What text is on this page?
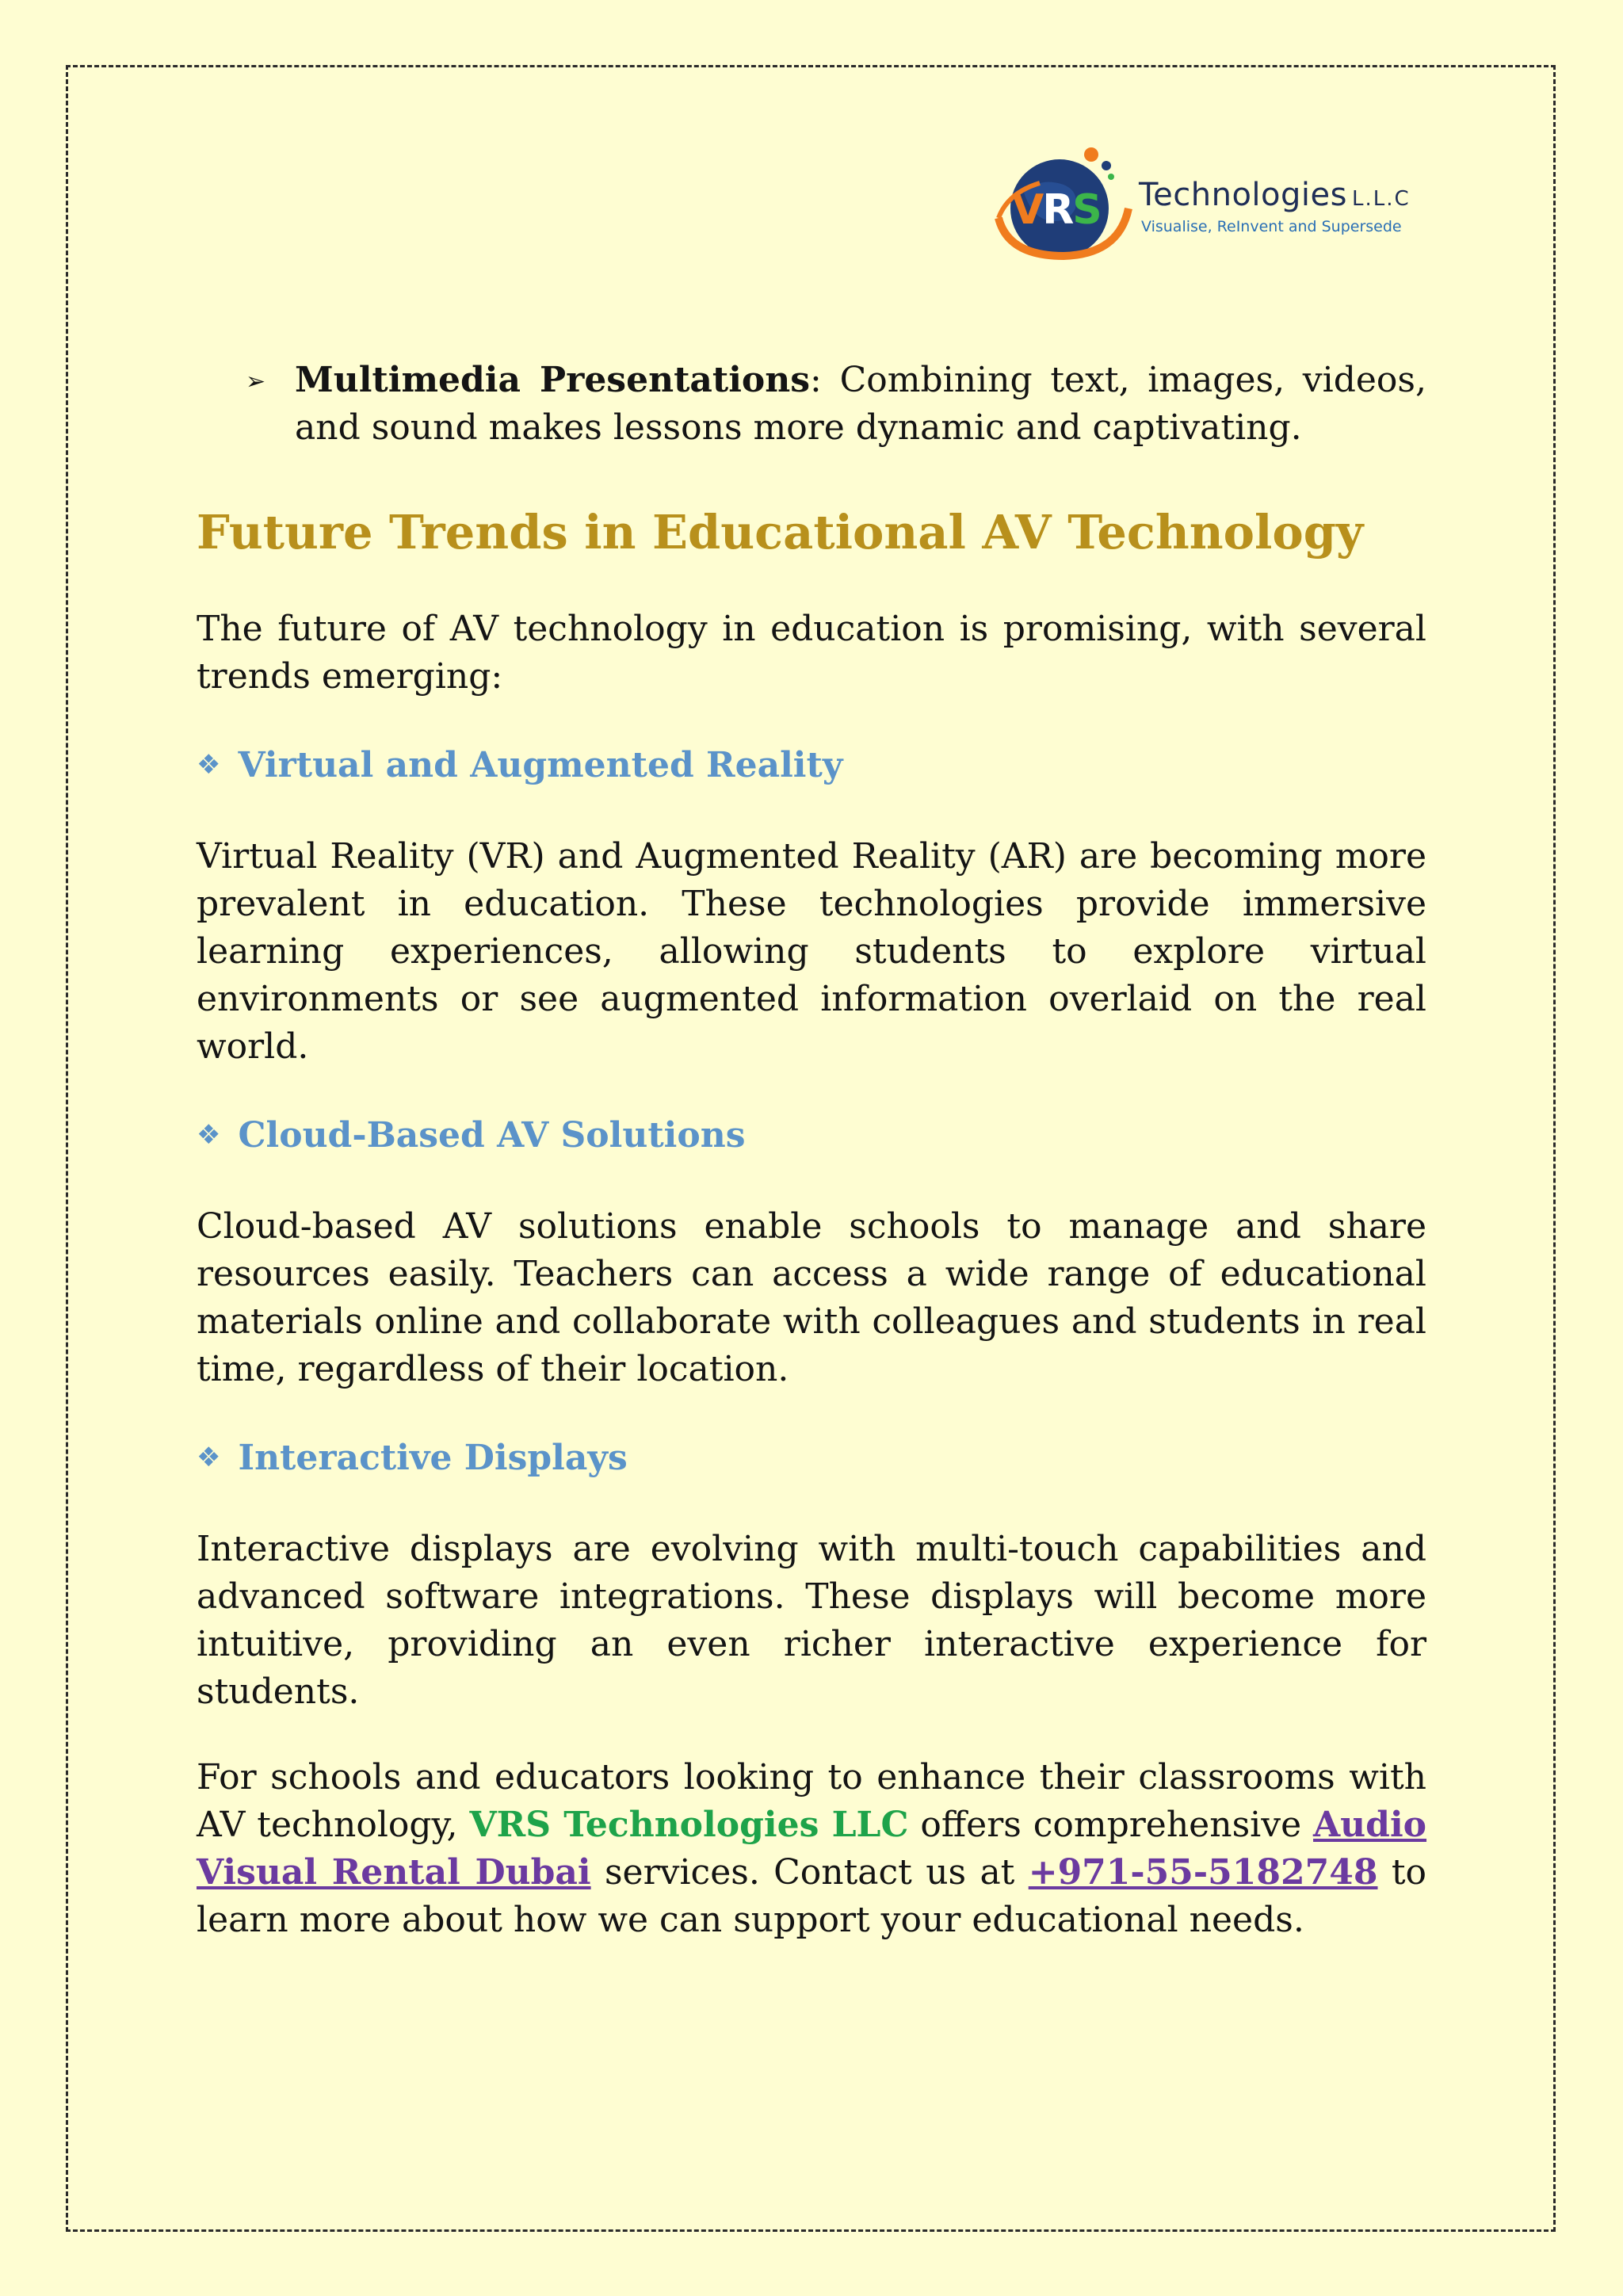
VRS Technologies L.L.C
Visualise, ReInvent and Supersede
➢ Multimedia Presentations: Combining text, images, videos, and sound makes lessons more dynamic and captivating.
Future Trends in Educational AV Technology

The future of AV technology in education is promising, with several trends emerging:

❖ Virtual and Augmented Reality

Virtual Reality (VR) and Augmented Reality (AR) are becoming more prevalent in education. These technologies provide immersive learning experiences, allowing students to explore virtual environments or see augmented information overlaid on the real world.

❖ Cloud-Based AV Solutions

Cloud-based AV solutions enable schools to manage and share resources easily. Teachers can access a wide range of educational materials online and collaborate with colleagues and students in real time, regardless of their location.

❖ Interactive Displays

Interactive displays are evolving with multi-touch capabilities and advanced software integrations. These displays will become more intuitive, providing an even richer interactive experience for students.

For schools and educators looking to enhance their classrooms with AV technology, VRS Technologies LLC offers comprehensive Audio Visual Rental Dubai services. Contact us at +971-55-5182748 to learn more about how we can support your educational needs.
